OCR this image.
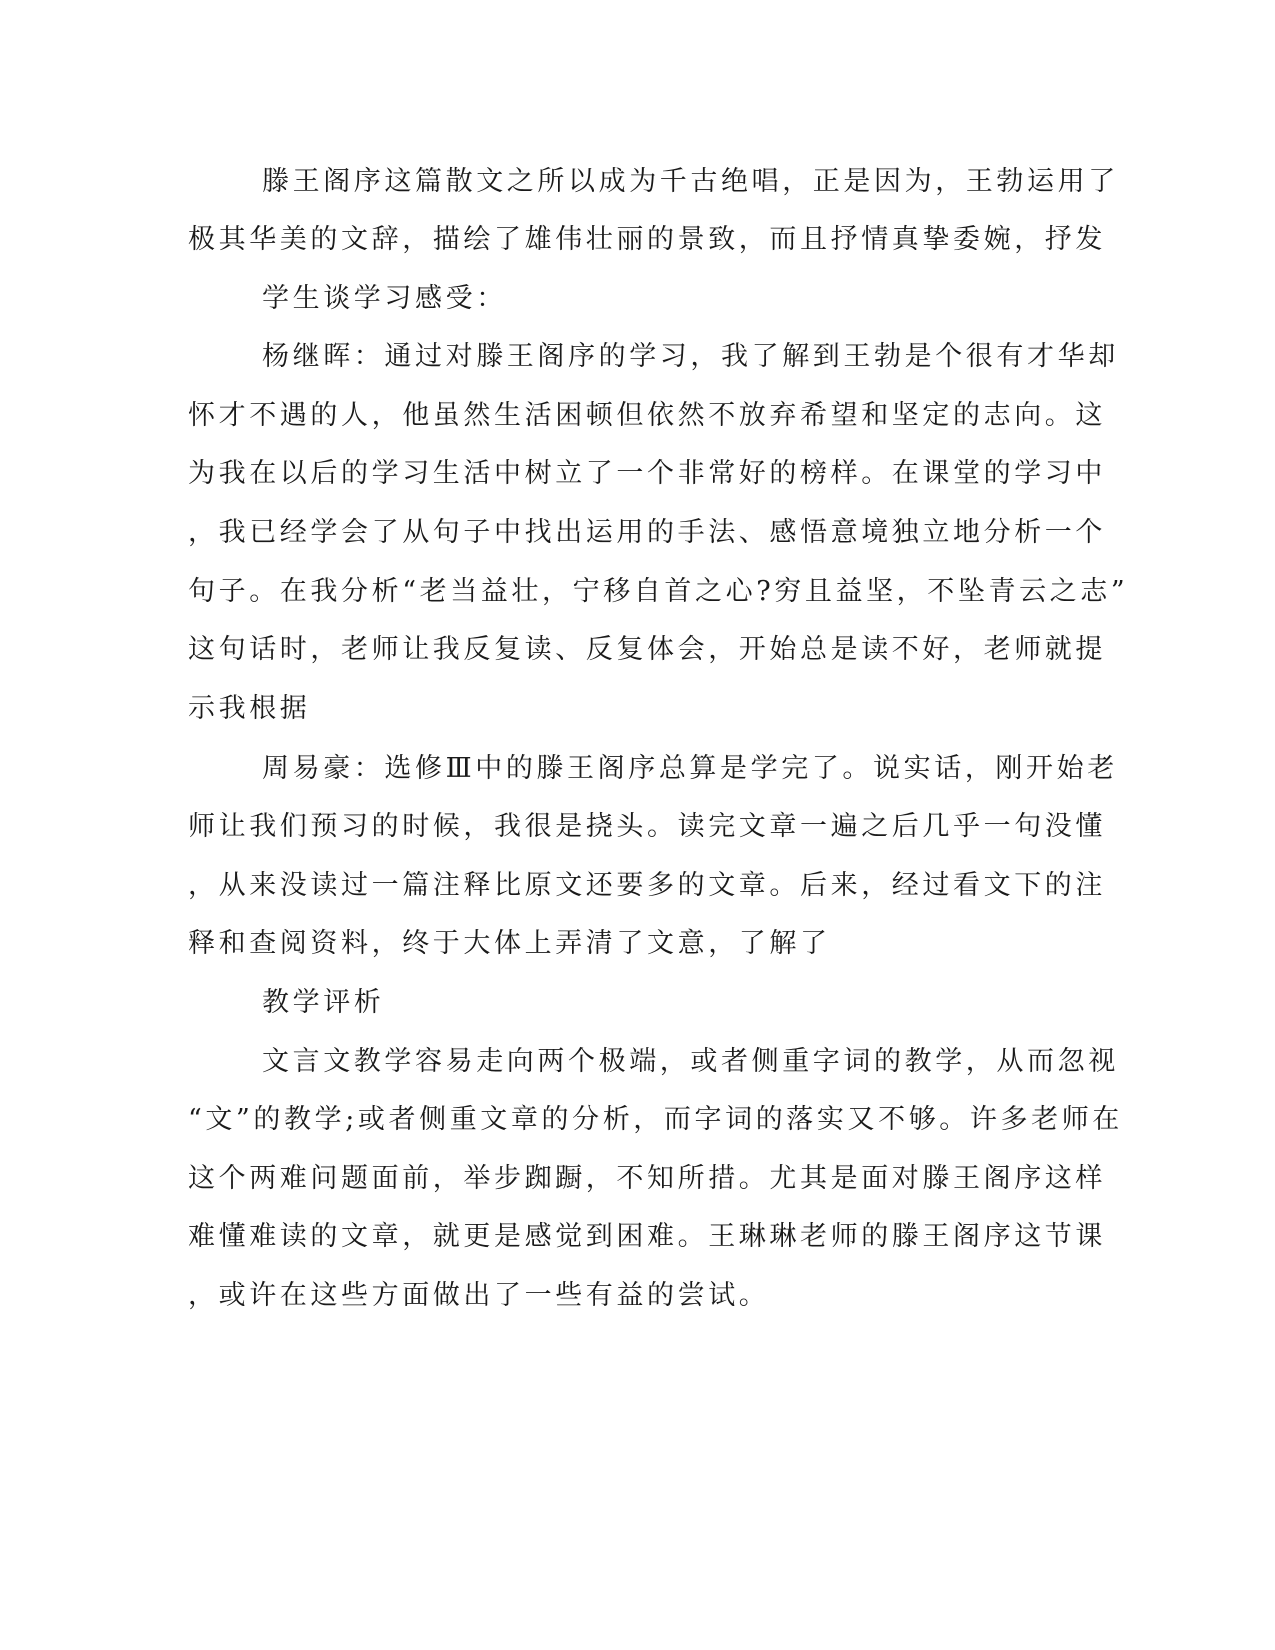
滕王阁序这篇散文之所以成为千古绝唱，正是因为，王勃运用了

极其华美的文辞，描绘了雄伟壮丽的景致，而且抒情真挚委婉，抒发

学生谈学习感受：

杨继晖：通过对滕王阁序的学习，我了解到王勃是个很有才华却

怀才不遇的人，他虽然生活困顿但依然不放弃希望和坚定的志向。这

为我在以后的学习生活中树立了一个非常好的榜样。在课堂的学习中

，我已经学会了从句子中找出运用的手法、感悟意境独立地分析一个

句子。在我分析“老当益壮，宁移自首之心?穷且益坚，不坠青云之志”

这句话时，老师让我反复读、反复体会，开始总是读不好，老师就提

示我根据

周易豪：选修Ⅲ中的滕王阁序总算是学完了。说实话，刚开始老

师让我们预习的时候，我很是挠头。读完文章一遍之后几乎一句没懂

，从来没读过一篇注释比原文还要多的文章。后来，经过看文下的注

释和查阅资料，终于大体上弄清了文意，了解了

教学评析

文言文教学容易走向两个极端，或者侧重字词的教学，从而忽视

“文”的教学;或者侧重文章的分析，而字词的落实又不够。许多老师在

这个两难问题面前，举步踟蹰，不知所措。尤其是面对滕王阁序这样

难懂难读的文章，就更是感觉到困难。王琳琳老师的滕王阁序这节课

，或许在这些方面做出了一些有益的尝试。
